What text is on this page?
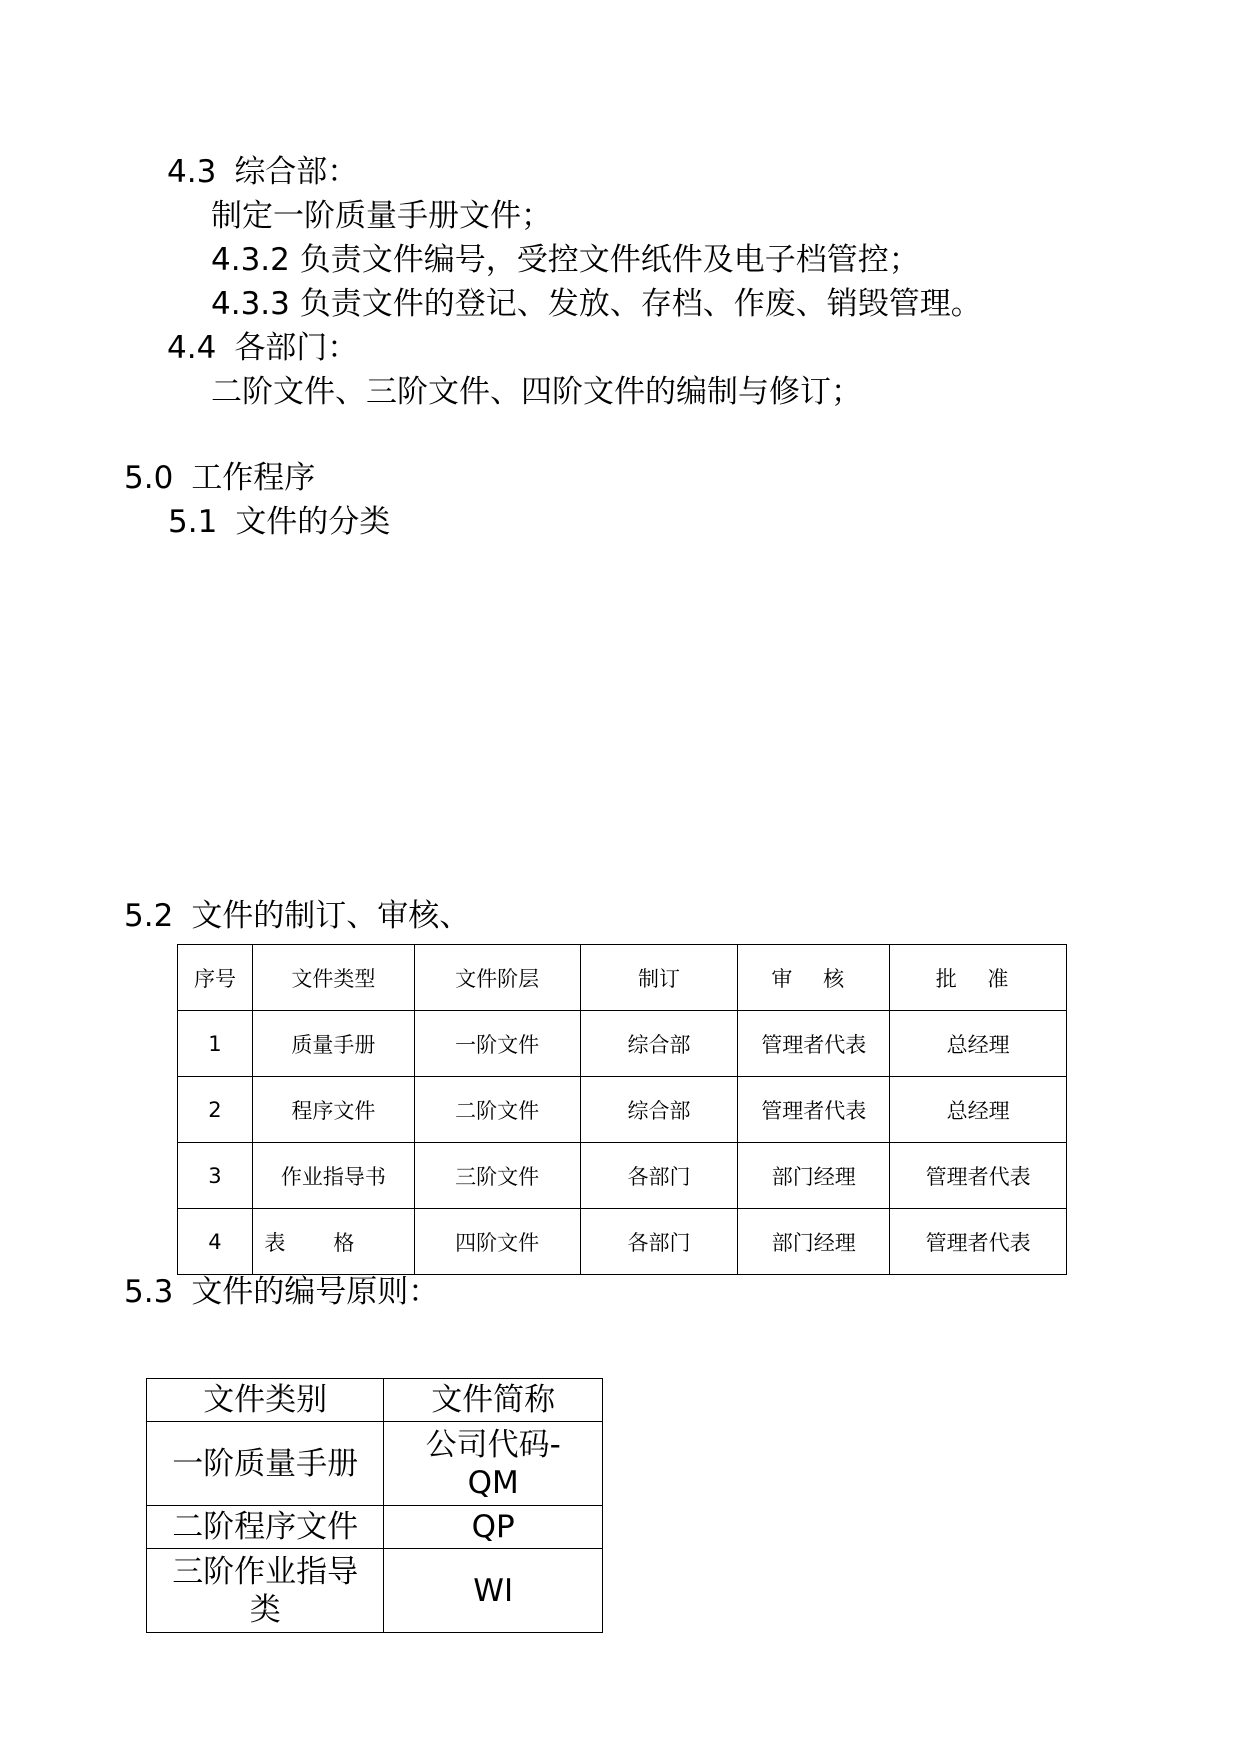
4.3 综合部：
制定一阶质量手册文件；
4.3.2 负责文件编号，受控文件纸件及电子档管控；
4.3.3 负责文件的登记、发放、存档、作废、销毁管理。
4.4 各部门：
二阶文件、三阶文件、四阶文件的编制与修订；
5.0 工作程序
5.1 文件的分类
5.2 文件的制订、审核、
序号	文件类型	文件阶层	制订	审 核	批 准
1	质量手册	一阶文件	综合部	管理者代表	总经理
2	程序文件	二阶文件	综合部	管理者代表	总经理
3	作业指导书	三阶文件	各部门	部门经理	管理者代表
4	表格	四阶文件	各部门	部门经理	管理者代表
5.3 文件的编号原则：
文件类别	文件简称
一阶质量手册	公司代码-QM
二阶程序文件	QP
三阶作业指导类	WI
